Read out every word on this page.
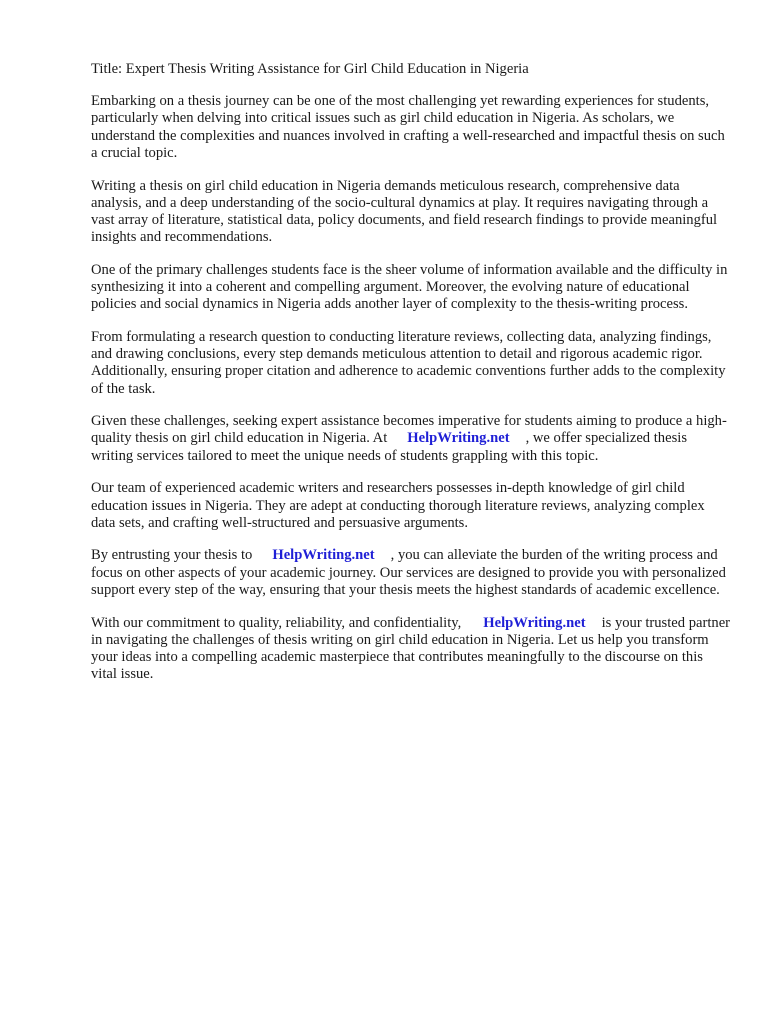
Title: Expert Thesis Writing Assistance for Girl Child Education in Nigeria

Embarking on a thesis journey can be one of the most challenging yet rewarding experiences for students, particularly when delving into critical issues such as girl child education in Nigeria. As scholars, we understand the complexities and nuances involved in crafting a well-researched and impactful thesis on such a crucial topic.

Writing a thesis on girl child education in Nigeria demands meticulous research, comprehensive data analysis, and a deep understanding of the socio-cultural dynamics at play. It requires navigating through a vast array of literature, statistical data, policy documents, and field research findings to provide meaningful insights and recommendations.

One of the primary challenges students face is the sheer volume of information available and the difficulty in synthesizing it into a coherent and compelling argument. Moreover, the evolving nature of educational policies and social dynamics in Nigeria adds another layer of complexity to the thesis-writing process.

From formulating a research question to conducting literature reviews, collecting data, analyzing findings, and drawing conclusions, every step demands meticulous attention to detail and rigorous academic rigor. Additionally, ensuring proper citation and adherence to academic conventions further adds to the complexity of the task.

Given these challenges, seeking expert assistance becomes imperative for students aiming to produce a high-quality thesis on girl child education in Nigeria. At HelpWriting.net , we offer specialized thesis writing services tailored to meet the unique needs of students grappling with this topic.

Our team of experienced academic writers and researchers possesses in-depth knowledge of girl child education issues in Nigeria. They are adept at conducting thorough literature reviews, analyzing complex data sets, and crafting well-structured and persuasive arguments.

By entrusting your thesis to HelpWriting.net , you can alleviate the burden of the writing process and focus on other aspects of your academic journey. Our services are designed to provide you with personalized support every step of the way, ensuring that your thesis meets the highest standards of academic excellence.

With our commitment to quality, reliability, and confidentiality, HelpWriting.net is your trusted partner in navigating the challenges of thesis writing on girl child education in Nigeria. Let us help you transform your ideas into a compelling academic masterpiece that contributes meaningfully to the discourse on this vital issue.
